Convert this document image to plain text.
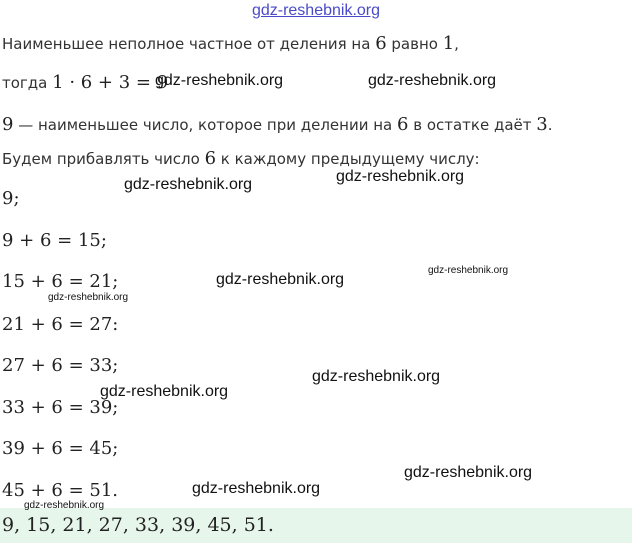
gdz-reshebnik.org
Наименьшее неполное частное от деления на 6 равно 1,
тогда 1 · 6 + 3 = 9
9 — наименьшее число, которое при делении на 6 в остатке даёт 3.
Будем прибавлять число 6 к каждому предыдущему числу:
9;
9 + 6 = 15;
15 + 6 = 21;
21 + 6 = 27:
27 + 6 = 33;
33 + 6 = 39;
39 + 6 = 45;
45 + 6 = 51.
gdz-reshebnik.org	gdz-reshebnik.org
gdz-reshebnik.org	gdz-reshebnik.org
gdz-reshebnik.org
gdz-reshebnik.org
gdz-reshebnik.org
gdz-reshebnik.org
gdz-reshebnik.org
gdz-reshebnik.org
gdz-reshebnik.org
9, 15, 21, 27, 33, 39, 45, 51.
gdz-reshebnik.org
